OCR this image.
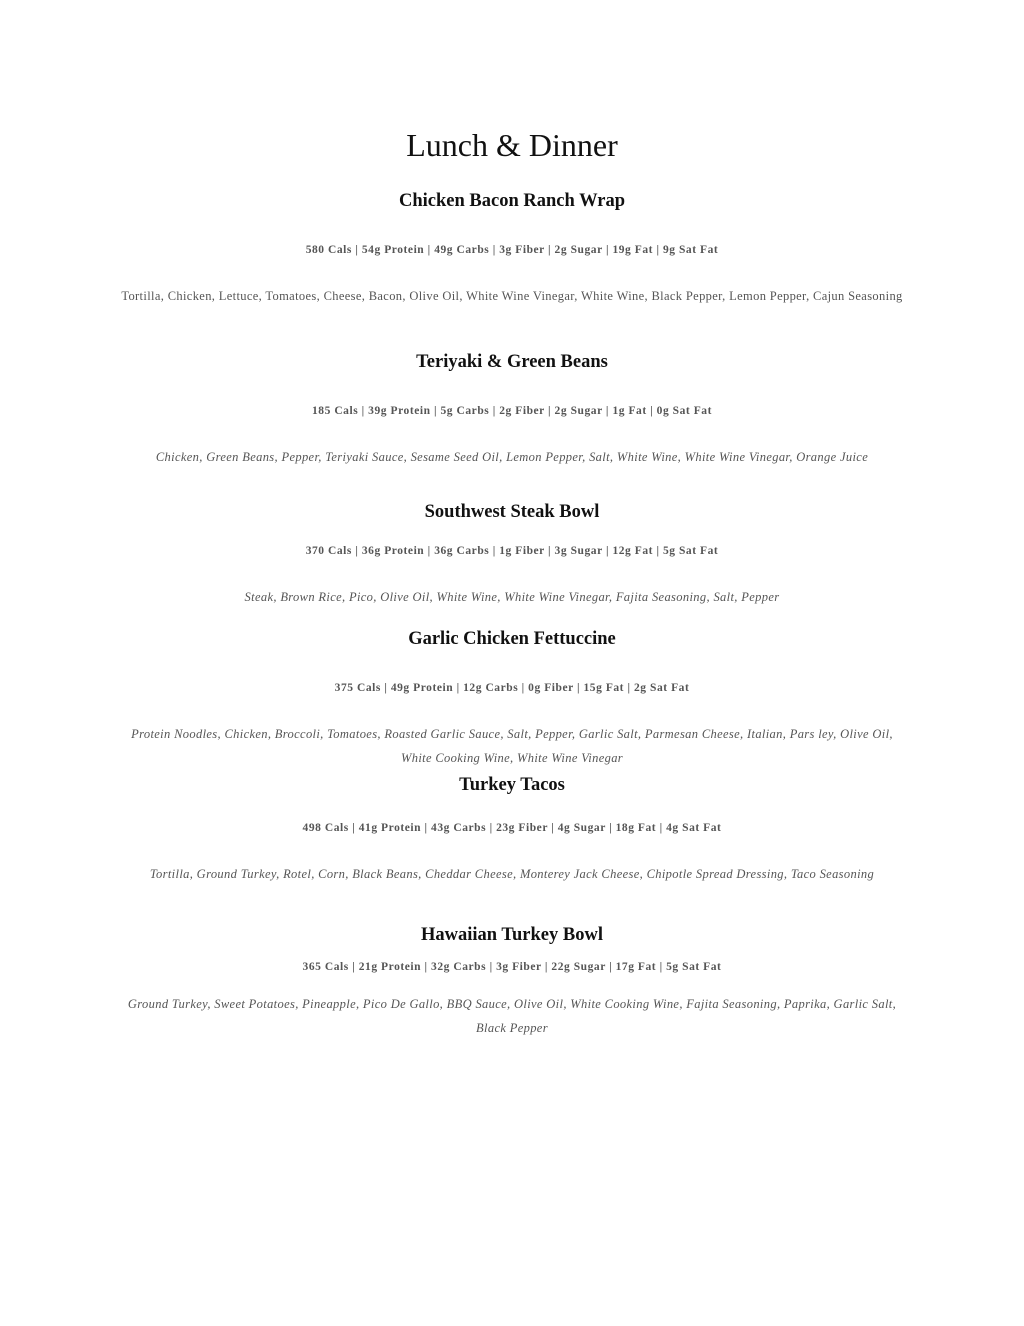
Lunch & Dinner
Chicken Bacon Ranch Wrap
580 Cals | 54g Protein | 49g Carbs | 3g Fiber | 2g Sugar | 19g Fat | 9g Sat Fat
Tortilla, Chicken, Lettuce, Tomatoes, Cheese, Bacon, Olive Oil, White Wine Vinegar, White Wine, Black Pepper, Lemon Pepper, Cajun Seasoning
Teriyaki & Green Beans
185 Cals | 39g Protein | 5g Carbs | 2g Fiber | 2g Sugar | 1g Fat | 0g Sat Fat
Chicken, Green Beans, Pepper, Teriyaki Sauce, Sesame Seed Oil, Lemon Pepper, Salt, White Wine, White Wine Vinegar, Orange Juice
Southwest Steak Bowl
370 Cals | 36g Protein | 36g Carbs | 1g Fiber | 3g Sugar | 12g Fat | 5g Sat Fat
Steak, Brown Rice, Pico, Olive Oil, White Wine, White Wine Vinegar, Fajita Seasoning, Salt, Pepper
Garlic Chicken Fettuccine
375 Cals | 49g Protein | 12g Carbs | 0g Fiber | 15g Fat | 2g Sat Fat
Protein Noodles, Chicken, Broccoli, Tomatoes, Roasted Garlic Sauce, Salt, Pepper, Garlic Salt, Parmesan Cheese, Italian, Pars ley, Olive Oil, White Cooking Wine, White Wine Vinegar
Turkey Tacos
498 Cals | 41g Protein | 43g Carbs | 23g Fiber | 4g Sugar | 18g Fat | 4g Sat Fat
Tortilla, Ground Turkey, Rotel, Corn, Black Beans, Cheddar Cheese, Monterey Jack Cheese, Chipotle Spread Dressing, Taco Seasoning
Hawaiian Turkey Bowl
365 Cals | 21g Protein | 32g Carbs | 3g Fiber | 22g Sugar | 17g Fat | 5g Sat Fat
Ground Turkey, Sweet Potatoes, Pineapple, Pico De Gallo, BBQ Sauce, Olive Oil, White Cooking Wine, Fajita Seasoning, Paprika, Garlic Salt, Black Pepper
